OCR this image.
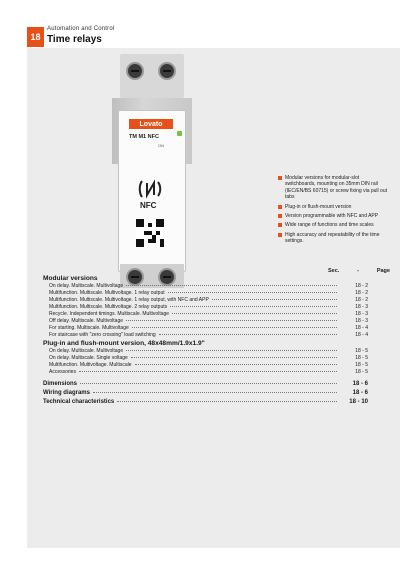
18
Automation and Control
Time relays
Lovato
TM M1 NFC
ON
NFC
Modular versions for modular-slot switchboards, mounting on 35mm DIN rail (IEC/EN/BS 60715) or screw fixing via pull out tabs
Plug-in or flush-mount version
Version programmable with NFC and APP
Wide range of functions and time scales
High accuracy and repeatability of the time settings.
Sec.	-	Page
Modular versions
On delay. Multiscale. Multivoltage	18 - 2
Multifunction. Multiscale. Multivoltage. 1 relay output	18 - 2
Multifunction. Multiscale. Multivoltage. 1 relay output, with NFC and APP	18 - 2
Multifunction. Multiscale. Multivoltage. 2 relay outputs	18 - 3
Recycle. Independent timings. Multiscale. Multivoltage	18 - 3
Off delay. Multiscale. Multivoltage	18 - 3
For starting. Multiscale. Multivoltage	18 - 4
For staircase with "zero crossing" load switching	18 - 4
Plug-in and flush-mount version, 48x48mm/1.9x1.9"
On delay. Multiscale. Multivoltage	18 - 5
On delay. Multiscale. Single voltage	18 - 5
Multifunction. Multivoltage. Multiscale	18 - 5
Accessories	18 - 5
Dimensions	18 - 6
Wiring diagrams	18 - 6
Technical characteristics	18 - 10
